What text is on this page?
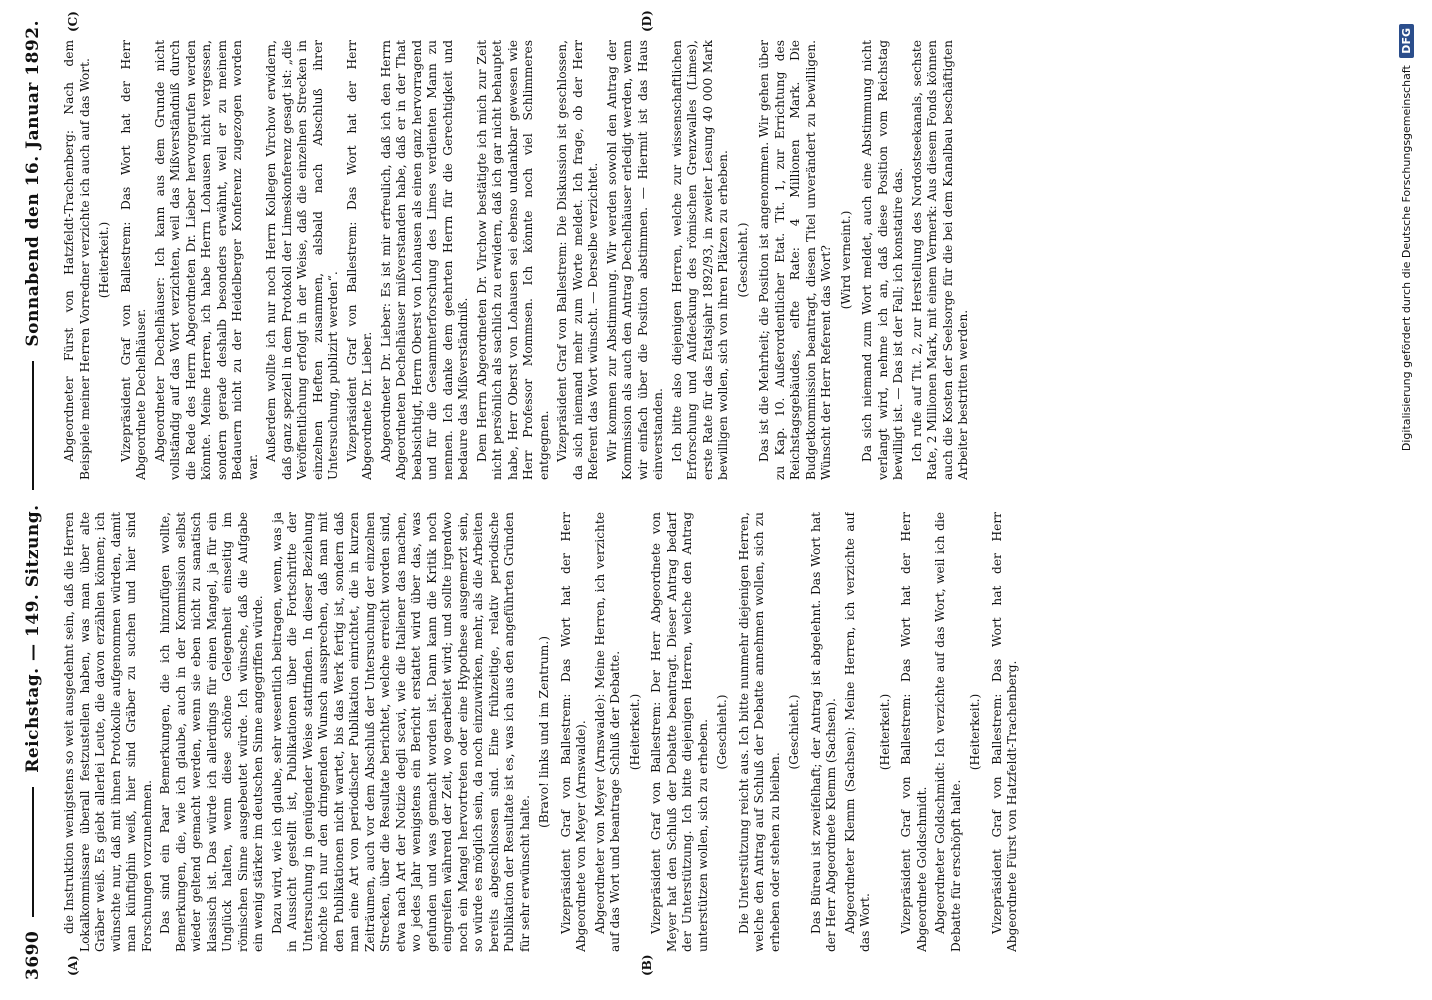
3690
Reichstag. — 149. Sitzung.
Sonnabend den 16. Januar 1892.
(A)	(B)
(C)	(D)

die Instruktion wenigstens so weit ausgedehnt sein, daß die Herren Lokalkommissare überall festzustellen haben, was man über alte Gräber weiß. Es giebt allerlei Leute, die davon erzählen können; ich wünschte nur, daß mit ihnen Protokolle aufgenommen würden, damit man künftighin weiß, hier sind Gräber zu suchen und hier sind Forschungen vorzunehmen. Das sind ein Paar Bemerkungen, die ich hinzufügen wollte, Bemerkungen, die, wie ich glaube, auch in der Kommission selbst wieder geltend gemacht werden, wenn sie eben nicht zu sanatisch klassisch ist. Das würde ich allerdings für einen Mangel, ja für ein Unglück halten, wenn diese schöne Gelegenheit einseitig im römischen Sinne ausgebeutet würde. Ich wünsche, daß die Aufgabe ein wenig stärker im deutschen Sinne angegriffen würde. Dazu wird, wie ich glaube, sehr wesentlich beitragen, wenn, was ja in Aussicht gestellt ist, Publikationen über die Fortschritte der Untersuchung in genügender Weise stattfinden. In dieser Beziehung möchte ich nur den dringenden Wunsch aussprechen, daß man mit den Publikationen nicht wartet, bis das Werk fertig ist, sondern daß man eine Art von periodischer Publikation einrichtet, die in kurzen Zeiträumen, auch vor dem Abschluß der Untersuchung der einzelnen Strecken, über die Resultate berichtet, welche erreicht worden sind, etwa nach Art der Notizie degli scavi, wie die Italiener das machen, wo jedes Jahr wenigstens ein Bericht erstattet wird über das, was gefunden und was gemacht worden ist. Dann kann die Kritik noch eingreifen während der Zeit, wo gearbeitet wird; und sollte irgendwo noch ein Mangel hervortreten oder eine Hypothese ausgemerzt sein, so würde es möglich sein, da noch einzuwirken, mehr, als die Arbeiten bereits abgeschlossen sind. Eine frühzeitige, relativ periodische Publikation der Resultate ist es, was ich aus den angeführten Gründen für sehr erwünscht halte.

(Bravo! links und im Zentrum.) Vizepräsident Graf von Ballestrem: Das Wort hat der Herr Abgeordnete von Meyer (Arnswalde). Abgeordneter von Meyer (Arnswalde): Meine Herren, ich verzichte auf das Wort und beantrage Schluß der Debatte. (Heiterkeit.) Vizepräsident Graf von Ballestrem: Der Herr Abgeordnete von Meyer hat den Schluß der Debatte beantragt. Dieser Antrag bedarf der Unterstützung. Ich bitte diejenigen Herren, welche den Antrag unterstützen wollen, sich zu erheben. (Geschieht.) Die Unterstützung reicht aus. Ich bitte nunmehr diejenigen Herren, welche den Antrag auf Schluß der Debatte annehmen wollen, sich zu erheben oder stehen zu bleiben.

(Geschieht.) Das Büreau ist zweifelhaft; der Antrag ist abgelehnt. Das Wort hat der Herr Abgeordnete Klemm (Sachsen). Abgeordneter Klemm (Sachsen): Meine Herren, ich verzichte auf das Wort.

(Heiterkeit.) Vizepräsident Graf von Ballestrem: Das Wort hat der Herr Abgeordnete Goldschmidt. Abgeordneter Goldschmidt: Ich verzichte auf das Wort, weil ich die Debatte für erschöpft halte.

(Heiterkeit.) Vizepräsident Graf von Ballestrem: Das Wort hat der Herr Abgeordnete Fürst von Hatzfeldt-Trachenberg.

Abgeordneter Fürst von Hatzfeldt-Trachenberg: Nach dem Beispiele meiner Herren Vorredner verzichte ich auch auf das Wort. (Heiterkeit.) Vizepräsident Graf von Ballestrem: Das Wort hat der Herr Abgeordnete Dechelhäuser. Abgeordneter Dechelhäuser: Ich kann aus dem Grunde nicht vollständig auf das Wort verzichten, weil das Mißverständniß durch die Rede des Herrn Abgeordneten Dr. Lieber hervorgerufen werden könnte. Meine Herren, ich habe Herrn Lohausen nicht vergessen, sondern gerade deshalb besonders erwähnt, weil er zu meinem Bedauern nicht zu der Heidelberger Konferenz zugezogen worden war.

Außerdem wollte ich nur noch Herrn Kollegen Virchow erwidern, daß ganz speziell in dem Protokoll der Limeskonferenz gesagt ist: „die Veröffentlichung erfolgt in der Weise, daß die einzelnen Strecken in einzelnen Heften zusammen, alsbald nach Abschluß ihrer Untersuchung, publizirt werden“. Vizepräsident Graf von Ballestrem: Das Wort hat der Herr Abgeordnete Dr. Lieber. Abgeordneter Dr. Lieber: Es ist mir erfreulich, daß ich den Herrn Abgeordneten Dechelhäuser mißverstanden habe, daß er in der That beabsichtigt, Herrn Oberst von Lohausen als einen ganz hervorragend und für die Gesammterforschung des Limes verdienten Mann zu nennen. Ich danke dem geehrten Herrn für die Gerechtigkeit und bedaure das Mißverständniß. Dem Herrn Abgeordneten Dr. Virchow bestätigte ich mich zur Zeit nicht persönlich als sachlich zu erwidern, daß ich gar nicht behauptet habe, Herr Oberst von Lohausen sei ebenso undankbar gewesen wie Herr Professor Mommsen. Ich könnte noch viel Schlimmeres entgegnen. Vizepräsident Graf von Ballestrem: Die Diskussion ist geschlossen, da sich niemand mehr zum Worte meldet. Ich frage, ob der Herr Referent das Wort wünscht. — Derselbe verzichtet. Wir kommen zur Abstimmung. Wir werden sowohl den Antrag der Kommission als auch den Antrag Dechelhäuser erledigt werden, wenn wir einfach über die Position abstimmen. — Hiermit ist das Haus einverstanden. Ich bitte also diejenigen Herren, welche zur wissenschaftlichen Erforschung und Aufdeckung des römischen Grenzwalles (Limes), erste Rate für das Etatsjahr 1892/93, in zweiter Lesung 40 000 Mark bewilligen wollen, sich von ihren Plätzen zu erheben. (Geschieht.) Das ist die Mehrheit; die Position ist angenommen. Wir gehen über zu Kap. 10. Außerordentlicher Etat. Tit. 1, zur Errichtung des Reichstagsgebäudes, elfte Rate: 4 Millionen Mark. Die Budgetkommission beantragt, diesen Titel unverändert zu bewilligen. Wünscht der Herr Referent das Wort? (Wird verneint.) Da sich niemand zum Wort meldet, auch eine Abstimmung nicht verlangt wird, nehme ich an, daß diese Position vom Reichstag bewilligt ist. — Das ist der Fall; ich konstatire das. Ich rufe auf Tit. 2, zur Herstellung des Nordostseekanals, sechste Rate, 2 Millionen Mark, mit einem Vermerk: Aus diesem Fonds können auch die Kosten der Seelsorge für die bei dem Kanalbau beschäftigten Arbeiter bestritten werden.	Digitalisierung gefördert durch die Deutsche Forschungsgemeinschaft DFG
